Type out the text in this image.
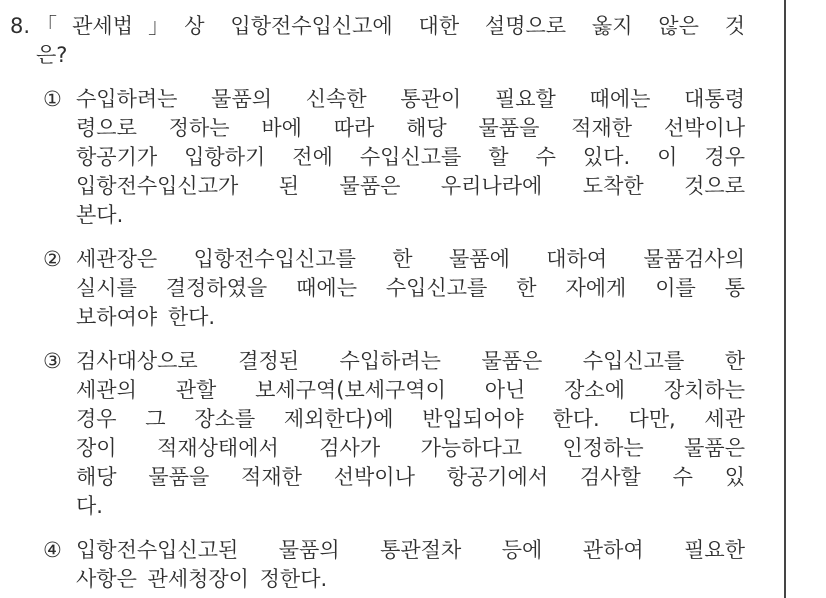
8. 「관세법」상 입항전수입신고에 대한 설명으로 옳지 않은 것
은?
① 수입하려는 물품의 신속한 통관이 필요할 때에는 대통령
령으로 정하는 바에 따라 해당 물품을 적재한 선박이나
항공기가 입항하기 전에 수입신고를 할 수 있다. 이 경우
입항전수입신고가 된 물품은 우리나라에 도착한 것으로
본다.
② 세관장은 입항전수입신고를 한 물품에 대하여 물품검사의
실시를 결정하였을 때에는 수입신고를 한 자에게 이를 통
보하여야 한다.
③ 검사대상으로 결정된 수입하려는 물품은 수입신고를 한
세관의 관할 보세구역(보세구역이 아닌 장소에 장치하는
경우 그 장소를 제외한다)에 반입되어야 한다. 다만, 세관
장이 적재상태에서 검사가 가능하다고 인정하는 물품은
해당 물품을 적재한 선박이나 항공기에서 검사할 수 있
다.
④ 입항전수입신고된 물품의 통관절차 등에 관하여 필요한
사항은 관세청장이 정한다.
